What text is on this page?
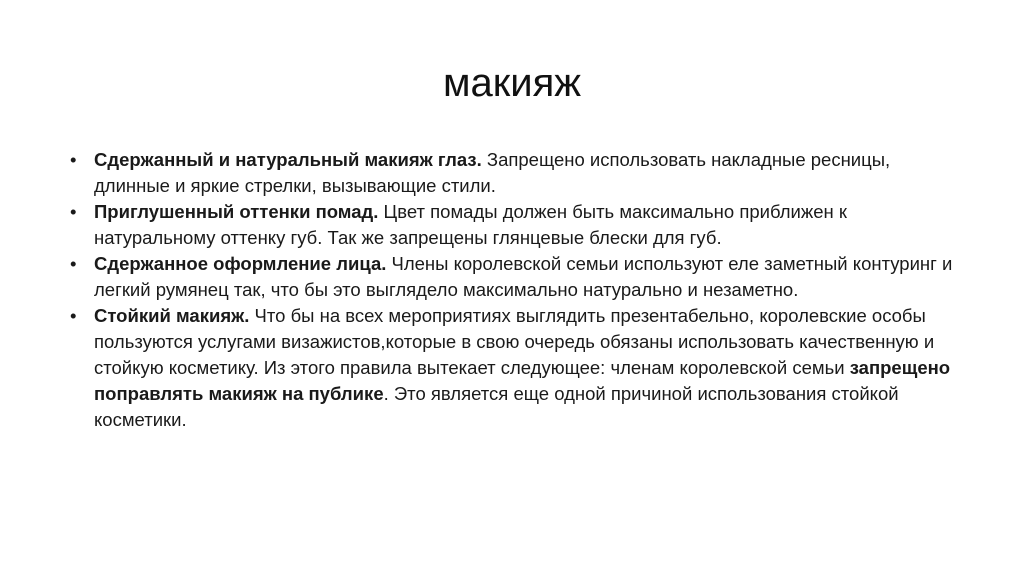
макияж
• Сдержанный и натуральный макияж глаз. Запрещено использовать накладные ресницы, длинные и яркие стрелки, вызывающие стили.
• Приглушенный оттенки помад. Цвет помады должен быть максимально приближен к натуральному оттенку губ. Так же запрещены глянцевые блески для губ.
• Сдержанное оформление лица. Члены королевской семьи используют еле заметный контуринг и легкий румянец так, что бы это выглядело максимально натурально и незаметно.
• Стойкий макияж. Что бы на всех мероприятиях выглядить презентабельно, королевские особы пользуются услугами визажистов,которые в свою очередь обязаны использовать качественную и стойкую косметику. Из этого правила вытекает следующее: членам королевской семьи запрещено поправлять макияж на публике. Это является еще одной причиной использования стойкой косметики.
